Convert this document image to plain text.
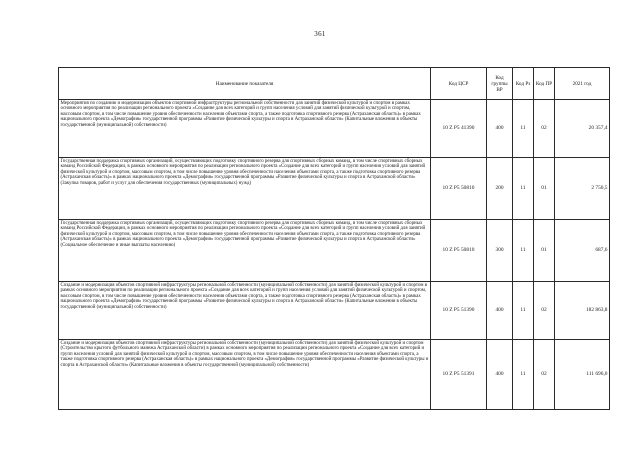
361
Наименование показателя	Код ЦСР	Код группы ВР	Код Рз	Код ПР	2021 год
Мероприятия по созданию и модернизации объектов спортивной инфраструктуры региональной собственности для занятий физической культурой и спортом в рамках основного мероприятия по реализации регионального проекта «Создание для всех категорий и групп населения условий для занятий физической культурой и спортом, массовым спортом, в том числе повышение уровня обеспеченности населения объектами спорта, а также подготовка спортивного резерва (Астраханская область)» в рамках национального проекта «Демография» государственной программы «Развитие физической культуры и спорта в Астраханской области» (Капитальные вложения в объекты государственной (муниципальной) собственности)	10 Z P5 41390	400	11	02	20 357,4
Государственная поддержка спортивных организаций, осуществляющих подготовку спортивного резерва для спортивных сборных команд, в том числе спортивных сборных команд Российской Федерации, в рамках основного мероприятия по реализации регионального проекта «Создание для всех категорий и групп населения условий для занятий физической культурой и спортом, массовым спортом, в том числе повышение уровня обеспеченности населения объектами спорта, а также подготовка спортивного резерва (Астраханская область)» в рамках национального проекта «Демография» государственной программы «Развитие физической культуры и спорта в Астраханской области» (Закупка товаров, работ и услуг для обеспечения государственных (муниципальных) нужд)	10 Z P5 50810	200	11	01	2 750,5
Государственная поддержка спортивных организаций, осуществляющих подготовку спортивного резерва для спортивных сборных команд, в том числе спортивных сборных команд Российской Федерации, в рамках основного мероприятия по реализации регионального проекта «Создание для всех категорий и групп населения условий для занятий физической культурой и спортом, массовым спортом, в том числе повышение уровня обеспеченности населения объектами спорта, а также подготовка спортивного резерва (Астраханская область)» в рамках национального проекта «Демография» государственной программы «Развитие физической культуры и спорта в Астраханской области» (Социальное обеспечение и иные выплаты населению)	10 Z P5 50810	300	11	01	687,6
Создание и модернизация объектов спортивной инфраструктуры региональной собственности (муниципальной собственности) для занятий физической культурой и спортом в рамках основного мероприятия по реализации регионального проекта «Создание для всех категорий и групп населения условий для занятий физической культурой и спортом, массовым спортом, в том числе повышение уровня обеспеченности населения объектами спорта, а также подготовка спортивного резерва (Астраханская область)» в рамках национального проекта «Демография» государственной программы «Развитие физической культуры и спорта в Астраханской области» (Капитальные вложения в объекты государственной (муниципальной) собственности)	10 Z P5 51390	400	11	02	182 863,8
Создание и модернизация объектов спортивной инфраструктуры региональной собственности (муниципальной собственности) для занятий физической культурой и спортом (Строительство крытого футбольного манежа Астраханской области) в рамках основного мероприятия по реализации регионального проекта «Создание для всех категорий и групп населения условий для занятий физической культурой и спортом, массовым спортом, в том числе повышение уровня обеспеченности населения объектами спорта, а также подготовка спортивного резерва (Астраханская область)» в рамках национального проекта «Демография» государственной программы «Развитие физической культуры и спорта в Астраханской области» (Капитальные вложения в объекты государственной (муниципальной) собственности)	10 Z P5 51391	400	11	02	111 696,0
